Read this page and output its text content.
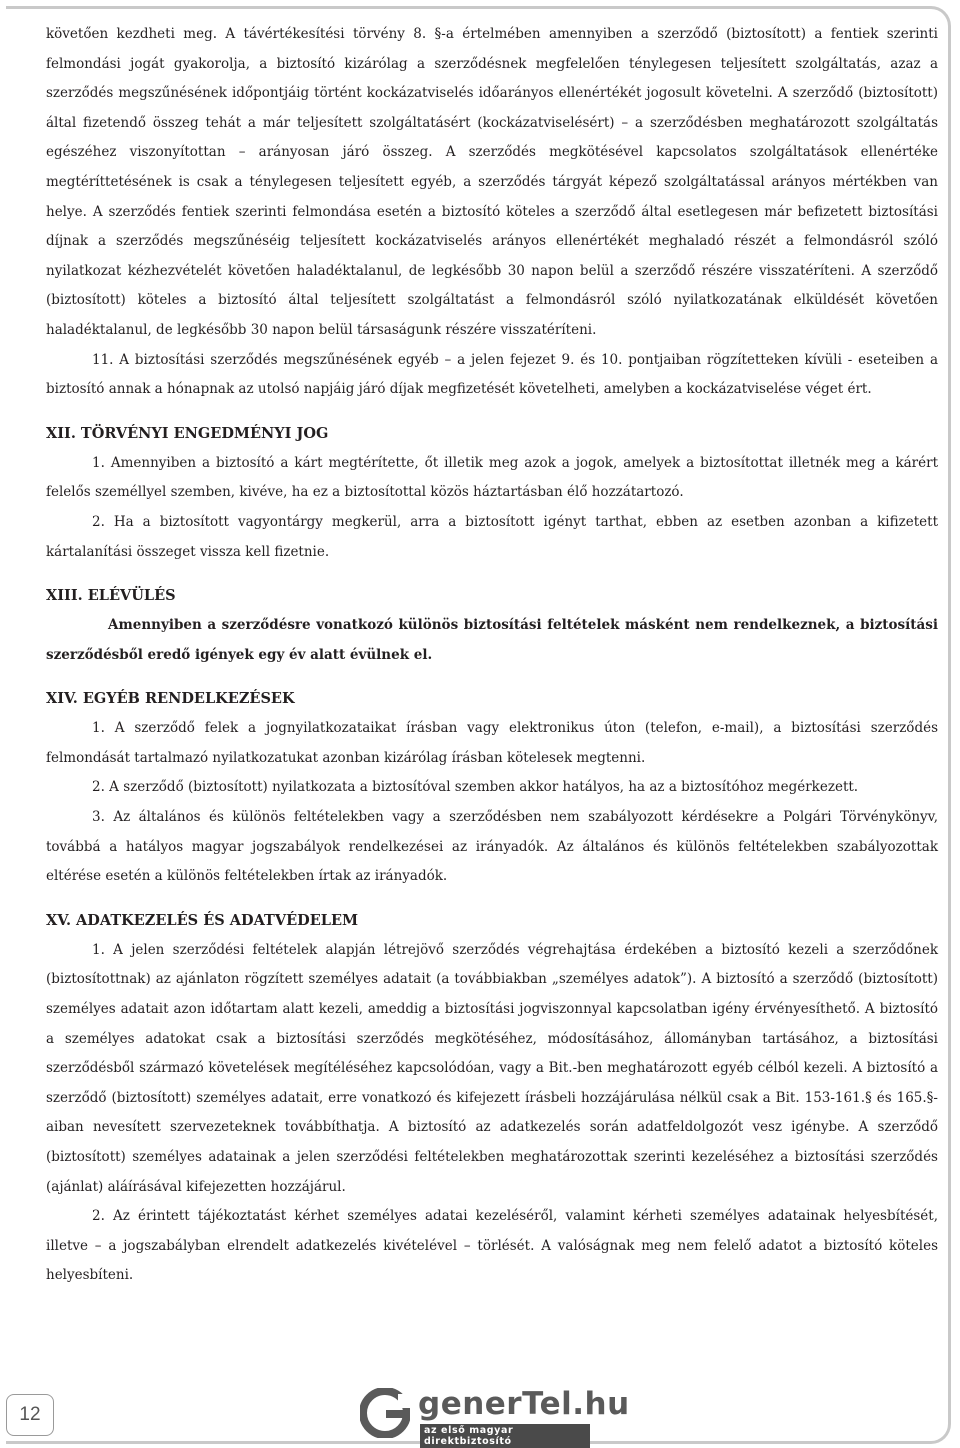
követően kezdheti meg. A távértékesítési törvény 8. §-a értelmében amennyiben a szerződő (biztosított) a fentiek szerinti felmondási jogát gyakorolja, a biztosító kizárólag a szerződésnek megfelelően ténylegesen teljesített szolgáltatás, azaz a szerződés megszűnésének időpontjáig történt kockázatviselés időarányos ellenértékét jogosult követelni. A szerződő (biztosított) által fizetendő összeg tehát a már teljesített szolgáltatásért (kockázatviselésért) – a szerződésben meghatározott szolgáltatás egészéhez viszonyítottan – arányosan járó összeg. A szerződés megkötésével kapcsolatos szolgáltatások ellenértéke megtéríttetésének is csak a ténylegesen teljesített egyéb, a szerződés tárgyát képező szolgáltatással arányos mértékben van helye. A szerződés fentiek szerinti felmondása esetén a biztosító köteles a szerződő által esetlegesen már befizetett biztosítási díjnak a szerződés megszűnéséig teljesített kockázatviselés arányos ellenértékét meghaladó részét a felmondásról szóló nyilatkozat kézhezvételét követően haladéktalanul, de legkésőbb 30 napon belül a szerződő részére visszatéríteni. A szerződő (biztosított) köteles a biztosító által teljesített szolgáltatást a felmondásról szóló nyilatkozatának elküldését követően haladéktalanul, de legkésőbb 30 napon belül társaságunk részére visszatéríteni.

11. A biztosítási szerződés megszűnésének egyéb – a jelen fejezet 9. és 10. pontjaiban rögzítetteken kívüli - eseteiben a biztosító annak a hónapnak az utolsó napjáig járó díjak megfizetését követelheti, amelyben a kockázatviselése véget ért.

XII. TÖRVÉNYI ENGEDMÉNYI JOG

1. Amennyiben a biztosító a kárt megtérítette, őt illetik meg azok a jogok, amelyek a biztosítottat illetnék meg a kárért felelős személlyel szemben, kivéve, ha ez a biztosítottal közös háztartásban élő hozzátartozó.

2. Ha a biztosított vagyontárgy megkerül, arra a biztosított igényt tarthat, ebben az esetben azonban a kifizetett kártalanítási összeget vissza kell fizetnie.

XIII. ELÉVÜLÉS

Amennyiben a szerződésre vonatkozó különös biztosítási feltételek másként nem rendelkeznek, a biztosítási szerződésből eredő igények egy év alatt évülnek el.

XIV. EGYÉB RENDELKEZÉSEK

1. A szerződő felek a jognyilatkozataikat írásban vagy elektronikus úton (telefon, e-mail), a biztosítási szerződés felmondását tartalmazó nyilatkozatukat azonban kizárólag írásban kötelesek megtenni.

2. A szerződő (biztosított) nyilatkozata a biztosítóval szemben akkor hatályos, ha az a biztosítóhoz megérkezett.

3. Az általános és különös feltételekben vagy a szerződésben nem szabályozott kérdésekre a Polgári Törvénykönyv, továbbá a hatályos magyar jogszabályok rendelkezései az irányadók. Az általános és különös feltételekben szabályozottak eltérése esetén a különös feltételekben írtak az irányadók.

XV. ADATKEZELÉS ÉS ADATVÉDELEM

1. A jelen szerződési feltételek alapján létrejövő szerződés végrehajtása érdekében a biztosító kezeli a szerződőnek (biztosítottnak) az ajánlaton rögzített személyes adatait (a továbbiakban „személyes adatok”). A biztosító a szerződő (biztosított) személyes adatait azon időtartam alatt kezeli, ameddig a biztosítási jogviszonnyal kapcsolatban igény érvényesíthető. A biztosító a személyes adatokat csak a biztosítási szerződés megkötéséhez, módosításához, állományban tartásához, a biztosítási szerződésből származó követelések megítéléséhez kapcsolódóan, vagy a Bit.-ben meghatározott egyéb célból kezeli. A biztosító a szerződő (biztosított) személyes adatait, erre vonatkozó és kifejezett írásbeli hozzájárulása nélkül csak a Bit. 153-161.§ és 165.§-aiban nevesített szervezeteknek továbbíthatja. A biztosító az adatkezelés során adatfeldolgozót vesz igénybe. A szerződő (biztosított) személyes adatainak a jelen szerződési feltételekben meghatározottak szerinti kezeléséhez a biztosítási szerződés (ajánlat) aláírásával kifejezetten hozzájárul.

2. Az érintett tájékoztatást kérhet személyes adatai kezeléséről, valamint kérheti személyes adatainak helyesbítését, illetve – a jogszabályban elrendelt adatkezelés kivételével – törlését. A valóságnak meg nem felelő adatot a biztosító köteles helyesbíteni.

12	generTel.hu
az első magyar direktbiztosító
